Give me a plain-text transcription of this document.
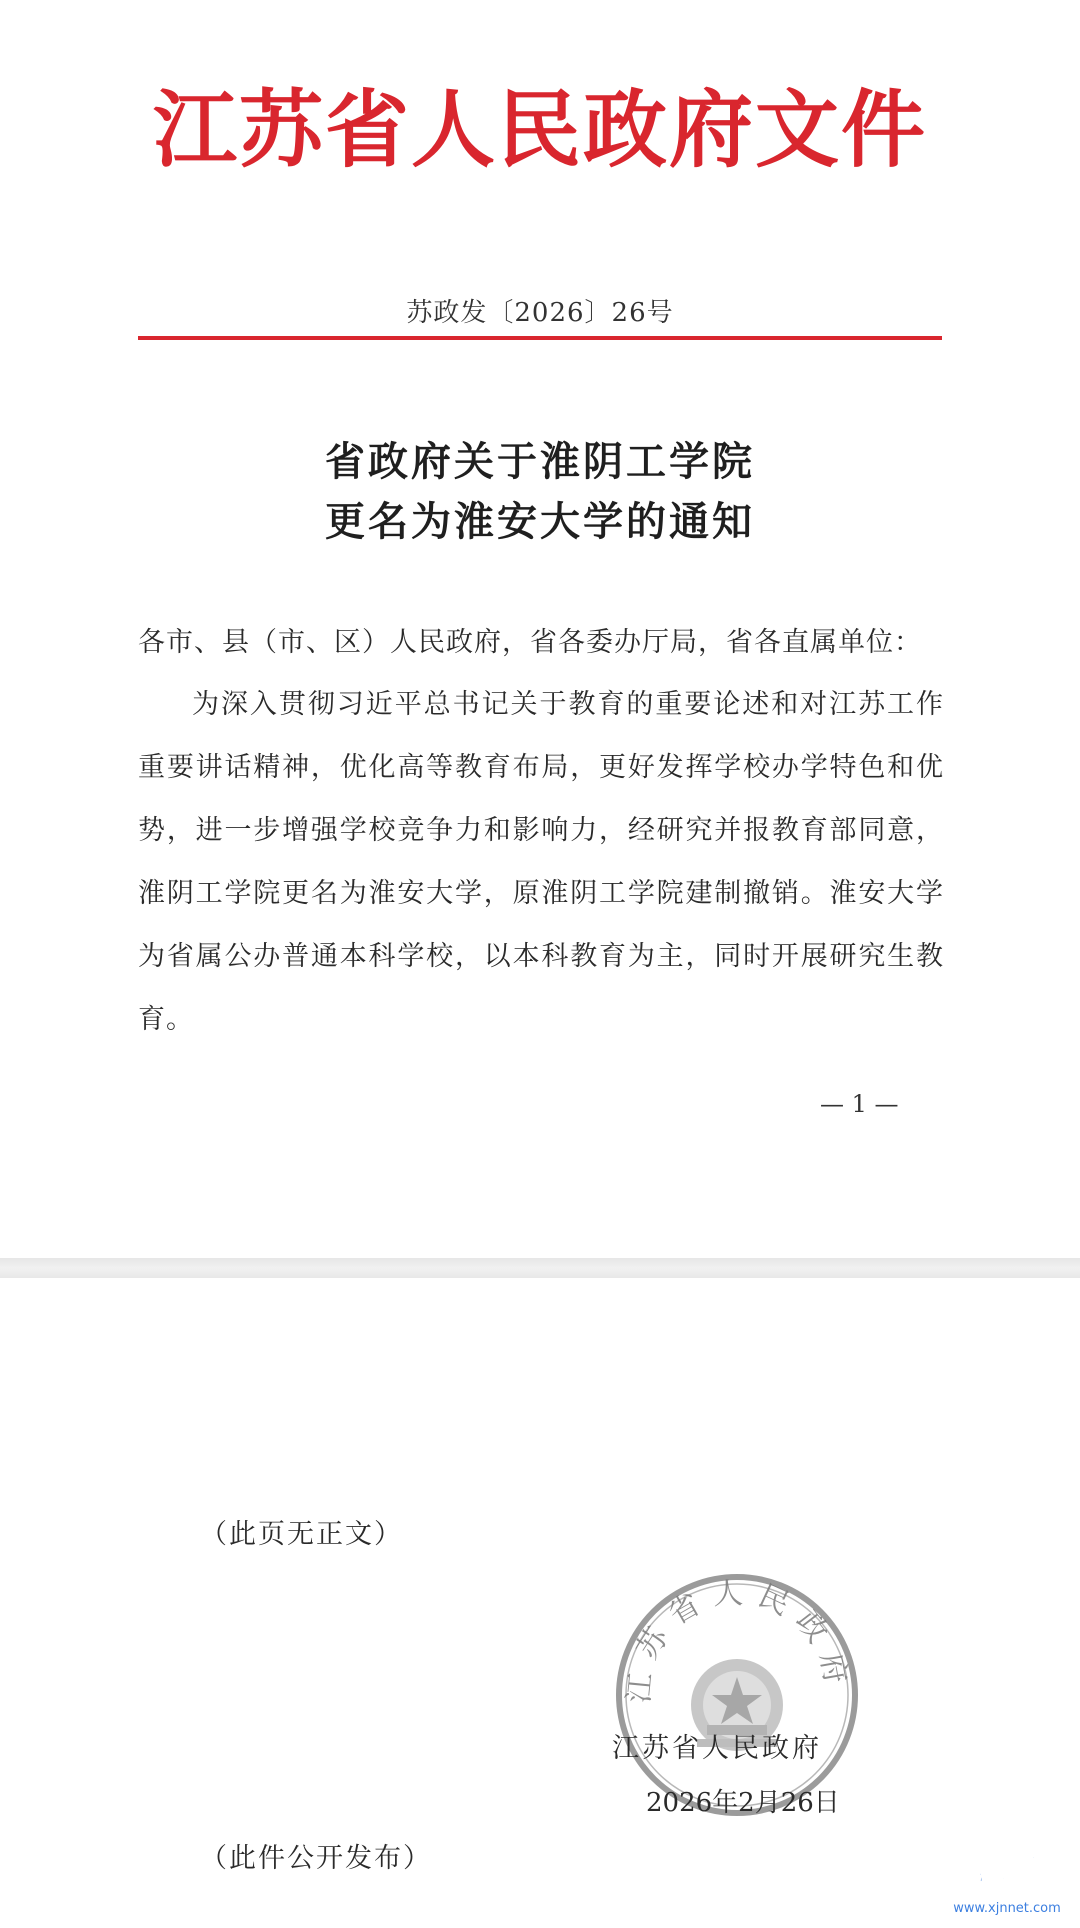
江苏省人民政府文件
苏政发〔2026〕26号
省政府关于淮阴工学院
更名为淮安大学的通知
各市、县（市、区）人民政府，省各委办厅局，省各直属单位：
为深入贯彻习近平总书记关于教育的重要论述和对江苏工作重要讲话精神，优化高等教育布局，更好发挥学校办学特色和优势，进一步增强学校竞争力和影响力，经研究并报教育部同意，淮阴工学院更名为淮安大学，原淮阴工学院建制撤销。淮安大学为省属公办普通本科学校，以本科教育为主，同时开展研究生教育。
— 1 —
（此页无正文）
江苏省人民政府
江苏省人民政府
2026年2月26日
（此件公开发布）	新江南网
www.xjnnet.com
